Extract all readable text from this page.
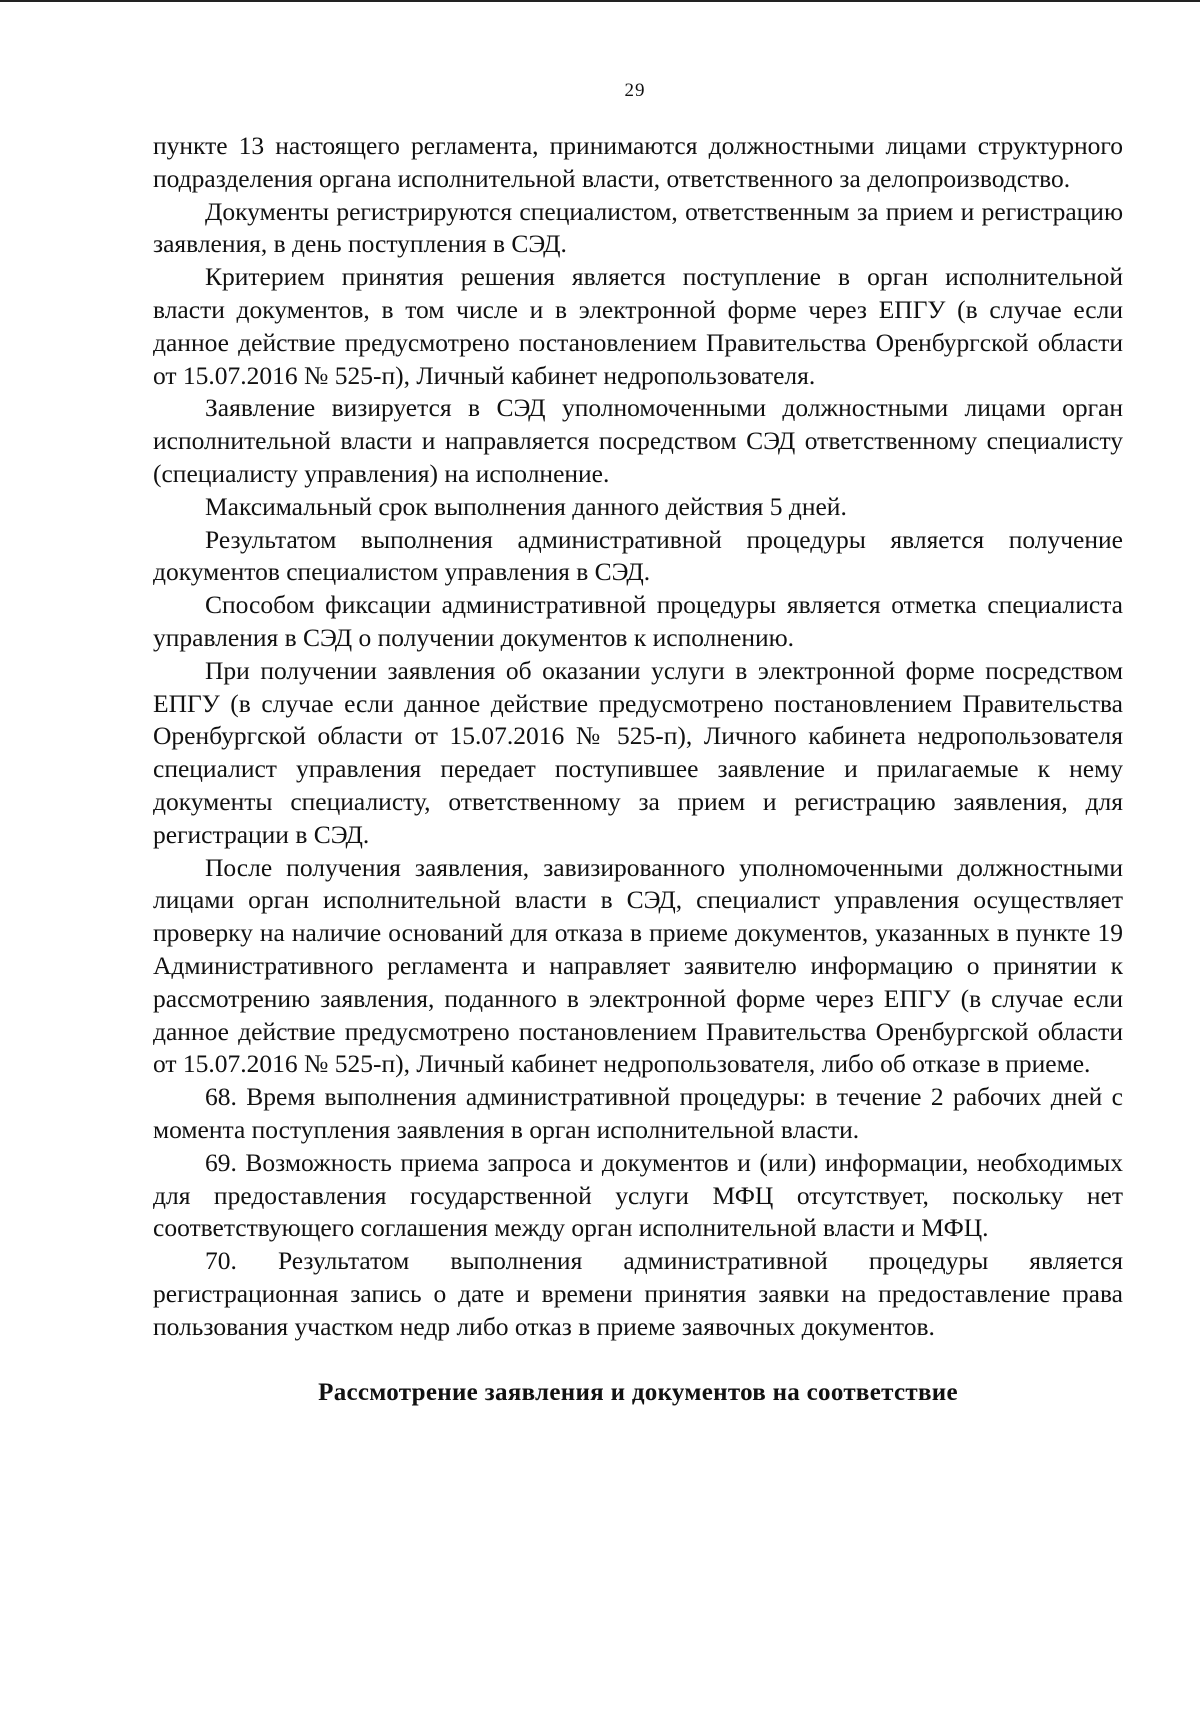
29

пункте 13 настоящего регламента, принимаются должностными лицами структурного подразделения органа исполнительной власти, ответственного за делопроизводство.

Документы регистрируются специалистом, ответственным за прием и регистрацию заявления, в день поступления в СЭД.

Критерием принятия решения является поступление в орган исполнительной власти документов, в том числе и в электронной форме через ЕПГУ (в случае если данное действие предусмотрено постановлением Правительства Оренбургской области от 15.07.2016 № 525-п), Личный кабинет недропользователя.

Заявление визируется в СЭД уполномоченными должностными лицами орган исполнительной власти и направляется посредством СЭД ответственному специалисту (специалисту управления) на исполнение.

Максимальный срок выполнения данного действия 5 дней.

Результатом выполнения административной процедуры является получение документов специалистом управления в СЭД.

Способом фиксации административной процедуры является отметка специалиста управления в СЭД о получении документов к исполнению.

При получении заявления об оказании услуги в электронной форме посредством ЕПГУ (в случае если данное действие предусмотрено постановлением Правительства Оренбургской области от 15.07.2016 № 525-п), Личного кабинета недропользователя специалист управления передает поступившее заявление и прилагаемые к нему документы специалисту, ответственному за прием и регистрацию заявления, для регистрации в СЭД.

После получения заявления, завизированного уполномоченными должностными лицами орган исполнительной власти в СЭД, специалист управления осуществляет проверку на наличие оснований для отказа в приеме документов, указанных в пункте 19 Административного регламента и направляет заявителю информацию о принятии к рассмотрению заявления, поданного в электронной форме через ЕПГУ (в случае если данное действие предусмотрено постановлением Правительства Оренбургской области от 15.07.2016 № 525-п), Личный кабинет недропользователя, либо об отказе в приеме.

68. Время выполнения административной процедуры: в течение 2 рабочих дней с момента поступления заявления в орган исполнительной власти.

69. Возможность приема запроса и документов и (или) информации, необходимых для предоставления государственной услуги МФЦ отсутствует, поскольку нет соответствующего соглашения между орган исполнительной власти и МФЦ.

70. Результатом выполнения административной процедуры является регистрационная запись о дате и времени принятия заявки на предоставление права пользования участком недр либо отказ в приеме заявочных документов.

Рассмотрение заявления и документов на соответствие
